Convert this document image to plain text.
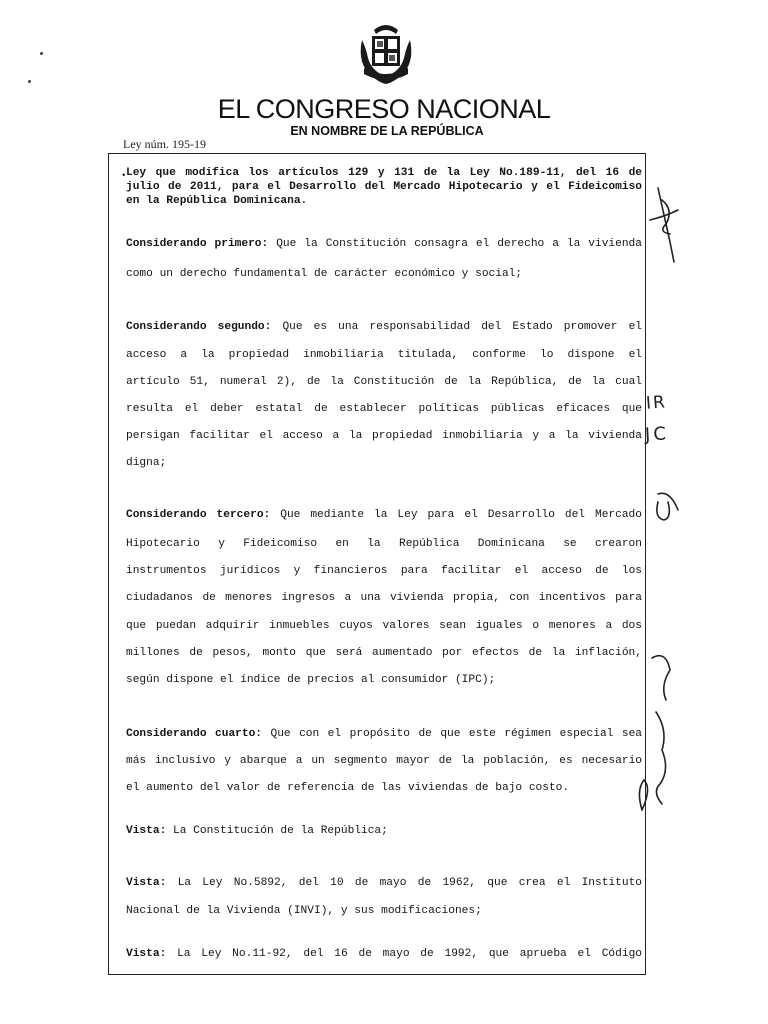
EL CONGRESO NACIONAL
EN NOMBRE DE LA REPÚBLICA
Ley núm. 195-19
• Ley que modifica los artículos 129 y 131 de la Ley No.189-11, del 16 de
julio de 2011, para el Desarrollo del Mercado Hipotecario y el Fideicomiso
en la República Dominicana.
Considerando primero: Que la Constitución consagra el derecho a la vivienda
como un derecho fundamental de carácter económico y social;
Considerando segundo: Que es una responsabilidad del Estado promover el
acceso a la propiedad inmobiliaria titulada, conforme lo dispone el
artículo 51, numeral 2), de la Constitución de la República, de la cual
resulta el deber estatal de establecer políticas públicas eficaces que
persigan facilitar el acceso a la propiedad inmobiliaria y a la vivienda
digna;
Considerando tercero: Que mediante la Ley para el Desarrollo del Mercado
Hipotecario y Fideicomiso en la República Dominicana se crearon
instrumentos jurídicos y financieros para facilitar el acceso de los
ciudadanos de menores ingresos a una vivienda propia, con incentivos para
que puedan adquirir inmuebles cuyos valores sean iguales o menores a dos
millones de pesos, monto que será aumentado por efectos de la inflación,
según dispone el índice de precios al consumidor (IPC);
Considerando cuarto: Que con el propósito de que este régimen especial sea
más inclusivo y abarque a un segmento mayor de la población, es necesario
el aumento del valor de referencia de las viviendas de bajo costo.
Vista: La Constitución de la República;
Vista: La Ley No.5892, del 10 de mayo de 1962, que crea el Instituto
Nacional de la Vivienda (INVI), y sus modificaciones;
Vista: La Ley No.11-92, del 16 de mayo de 1992, que aprueba el Código
IR
JC
